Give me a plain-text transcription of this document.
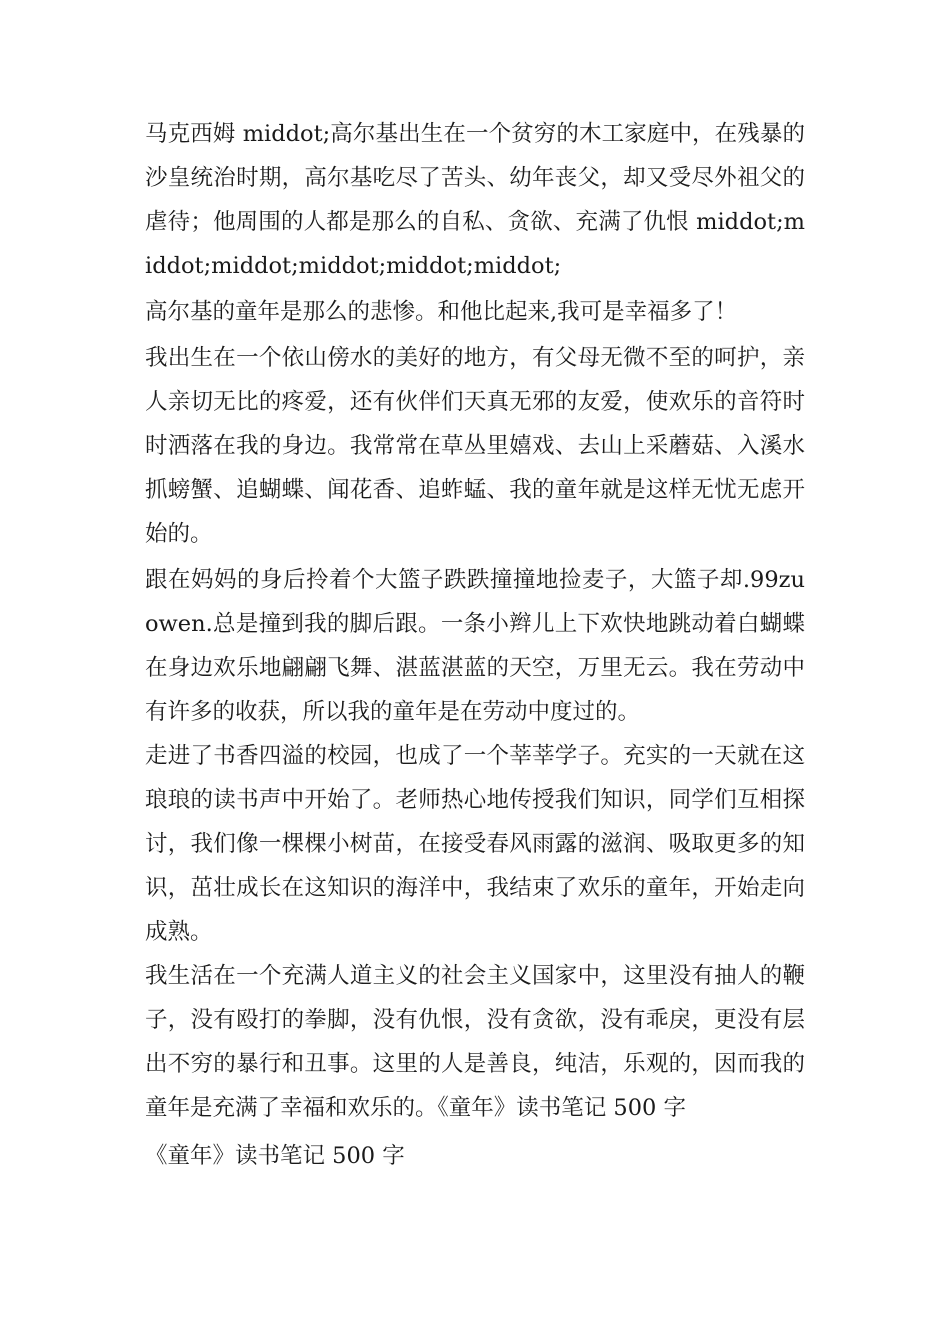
马克西姆 middot;高尔基出生在一个贫穷的木工家庭中，在残暴的沙皇统治时期，高尔基吃尽了苦头、幼年丧父，却又受尽外祖父的虐待；他周围的人都是那么的自私、贪欲、充满了仇恨 middot;middot;middot;middot;middot;middot;

高尔基的童年是那么的悲惨。和他比起来,我可是幸福多了！

我出生在一个依山傍水的美好的地方，有父母无微不至的呵护，亲人亲切无比的疼爱，还有伙伴们天真无邪的友爱，使欢乐的音符时时洒落在我的身边。我常常在草丛里嬉戏、去山上采蘑菇、入溪水抓螃蟹、追蝴蝶、闻花香、追蚱蜢、我的童年就是这样无忧无虑开始的。

跟在妈妈的身后拎着个大篮子跌跌撞撞地捡麦子，大篮子却.99zuowen.总是撞到我的脚后跟。一条小辫儿上下欢快地跳动着白蝴蝶在身边欢乐地翩翩飞舞、湛蓝湛蓝的天空，万里无云。我在劳动中有许多的收获，所以我的童年是在劳动中度过的。

走进了书香四溢的校园，也成了一个莘莘学子。充实的一天就在这琅琅的读书声中开始了。老师热心地传授我们知识，同学们互相探讨，我们像一棵棵小树苗，在接受春风雨露的滋润、吸取更多的知识，茁壮成长在这知识的海洋中，我结束了欢乐的童年，开始走向成熟。

我生活在一个充满人道主义的社会主义国家中，这里没有抽人的鞭子，没有殴打的拳脚，没有仇恨，没有贪欲，没有乖戾，更没有层出不穷的暴行和丑事。这里的人是善良，纯洁，乐观的，因而我的童年是充满了幸福和欢乐的。《童年》读书笔记 500 字

《童年》读书笔记 500 字
